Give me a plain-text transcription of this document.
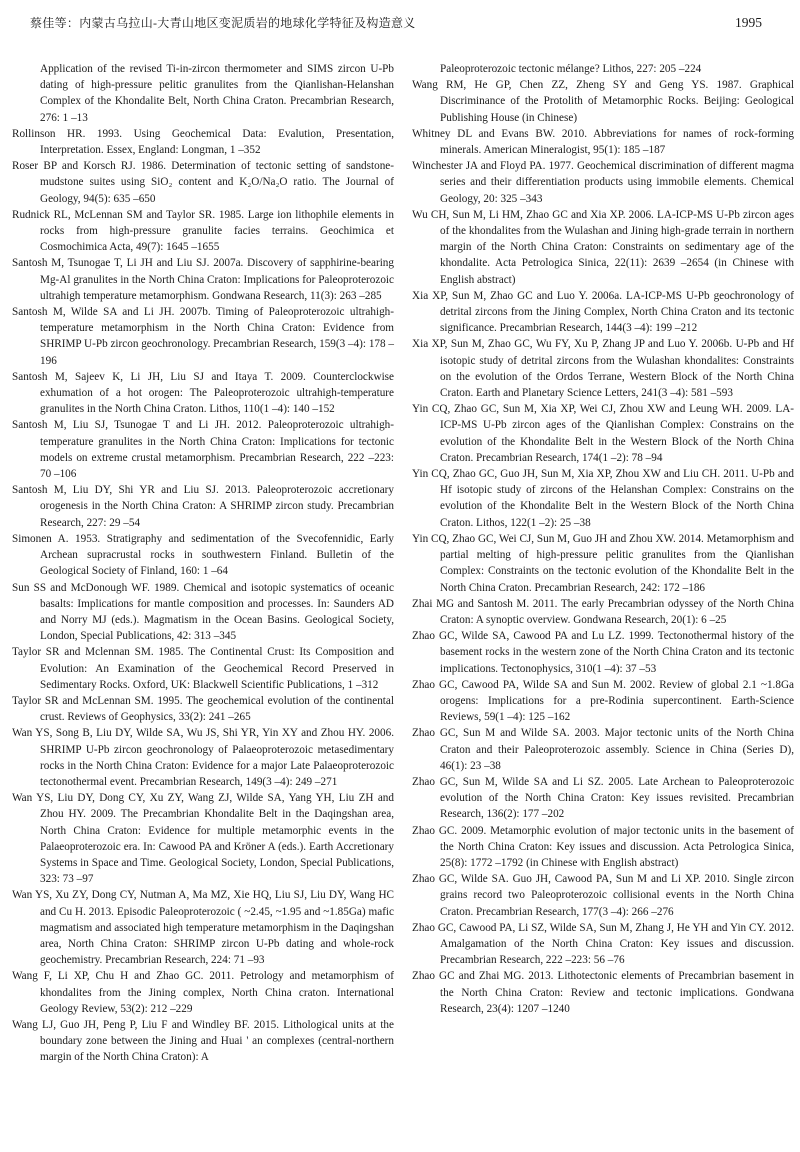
蔡佳等：内蒙古乌拉山-大青山地区变泥质岩的地球化学特征及构造意义	1995

Application of the revised Ti-in-zircon thermometer and SIMS zircon U-Pb dating of high-pressure pelitic granulites from the Qianlishan-Helanshan Complex of the Khondalite Belt, North China Craton. Precambrian Research, 276: 1 –13

Rollinson HR. 1993. Using Geochemical Data: Evalution, Presentation, Interpretation. Essex, England: Longman, 1 –352

Roser BP and Korsch RJ. 1986. Determination of tectonic setting of sandstone-mudstone suites using SiO₂ content and K₂O/Na₂O ratio. The Journal of Geology, 94(5): 635 –650

Rudnick RL, McLennan SM and Taylor SR. 1985. Large ion lithophile elements in rocks from high-pressure granulite facies terrains. Geochimica et Cosmochimica Acta, 49(7): 1645 –1655

Santosh M, Tsunogae T, Li JH and Liu SJ. 2007a. Discovery of sapphirine-bearing Mg-Al granulites in the North China Craton: Implications for Paleoproterozoic ultrahigh temperature metamorphism. Gondwana Research, 11(3): 263 –285

Santosh M, Wilde SA and Li JH. 2007b. Timing of Paleoproterozoic ultrahigh-temperature metamorphism in the North China Craton: Evidence from SHRIMP U-Pb zircon geochronology. Precambrian Research, 159(3 –4): 178 –196

Santosh M, Sajeev K, Li JH, Liu SJ and Itaya T. 2009. Counterclockwise exhumation of a hot orogen: The Paleoproterozoic ultrahigh-temperature granulites in the North China Craton. Lithos, 110(1 –4): 140 –152

Santosh M, Liu SJ, Tsunogae T and Li JH. 2012. Paleoproterozoic ultrahigh-temperature granulites in the North China Craton: Implications for tectonic models on extreme crustal metamorphism. Precambrian Research, 222 –223: 70 –106

Santosh M, Liu DY, Shi YR and Liu SJ. 2013. Paleoproterozoic accretionary orogenesis in the North China Craton: A SHRIMP zircon study. Precambrian Research, 227: 29 –54

Simonen A. 1953. Stratigraphy and sedimentation of the Svecofennidic, Early Archean supracrustal rocks in southwestern Finland. Bulletin of the Geological Society of Finland, 160: 1 –64

Sun SS and McDonough WF. 1989. Chemical and isotopic systematics of oceanic basalts: Implications for mantle composition and processes. In: Saunders AD and Norry MJ (eds.). Magmatism in the Ocean Basins. Geological Society, London, Special Publications, 42: 313 –345

Taylor SR and Mclennan SM. 1985. The Continental Crust: Its Composition and Evolution: An Examination of the Geochemical Record Preserved in Sedimentary Rocks. Oxford, UK: Blackwell Scientific Publications, 1 –312

Taylor SR and McLennan SM. 1995. The geochemical evolution of the continental crust. Reviews of Geophysics, 33(2): 241 –265

Wan YS, Song B, Liu DY, Wilde SA, Wu JS, Shi YR, Yin XY and Zhou HY. 2006. SHRIMP U-Pb zircon geochronology of Palaeoproterozoic metasedimentary rocks in the North China Craton: Evidence for a major Late Palaeoproterozoic tectonothermal event. Precambrian Research, 149(3 –4): 249 –271

Wan YS, Liu DY, Dong CY, Xu ZY, Wang ZJ, Wilde SA, Yang YH, Liu ZH and Zhou HY. 2009. The Precambrian Khondalite Belt in the Daqingshan area, North China Craton: Evidence for multiple metamorphic events in the Palaeoproterozoic era. In: Cawood PA and Kröner A (eds.). Earth Accretionary Systems in Space and Time. Geological Society, London, Special Publications, 323: 73 –97

Wan YS, Xu ZY, Dong CY, Nutman A, Ma MZ, Xie HQ, Liu SJ, Liu DY, Wang HC and Cu H. 2013. Episodic Paleoproterozoic ( ~2.45, ~1.95 and ~1.85Ga) mafic magmatism and associated high temperature metamorphism in the Daqingshan area, North China Craton: SHRIMP zircon U-Pb dating and whole-rock geochemistry. Precambrian Research, 224: 71 –93

Wang F, Li XP, Chu H and Zhao GC. 2011. Petrology and metamorphism of khondalites from the Jining complex, North China craton. International Geology Review, 53(2): 212 –229

Wang LJ, Guo JH, Peng P, Liu F and Windley BF. 2015. Lithological units at the boundary zone between the Jining and Huai ' an complexes (central-northern margin of the North China Craton): A

Paleoproterozoic tectonic mélange? Lithos, 227: 205 –224

Wang RM, He GP, Chen ZZ, Zheng SY and Geng YS. 1987. Graphical Discriminance of the Protolith of Metamorphic Rocks. Beijing: Geological Publishing House (in Chinese)

Whitney DL and Evans BW. 2010. Abbreviations for names of rock-forming minerals. American Mineralogist, 95(1): 185 –187

Winchester JA and Floyd PA. 1977. Geochemical discrimination of different magma series and their differentiation products using immobile elements. Chemical Geology, 20: 325 –343

Wu CH, Sun M, Li HM, Zhao GC and Xia XP. 2006. LA-ICP-MS U-Pb zircon ages of the khondalites from the Wulashan and Jining high-grade terrain in northern margin of the North China Craton: Constraints on sedimentary age of the khondalite. Acta Petrologica Sinica, 22(11): 2639 –2654 (in Chinese with English abstract)

Xia XP, Sun M, Zhao GC and Luo Y. 2006a. LA-ICP-MS U-Pb geochronology of detrital zircons from the Jining Complex, North China Craton and its tectonic significance. Precambrian Research, 144(3 –4): 199 –212

Xia XP, Sun M, Zhao GC, Wu FY, Xu P, Zhang JP and Luo Y. 2006b. U-Pb and Hf isotopic study of detrital zircons from the Wulashan khondalites: Constraints on the evolution of the Ordos Terrane, Western Block of the North China Craton. Earth and Planetary Science Letters, 241(3 –4): 581 –593

Yin CQ, Zhao GC, Sun M, Xia XP, Wei CJ, Zhou XW and Leung WH. 2009. LA-ICP-MS U-Pb zircon ages of the Qianlishan Complex: Constrains on the evolution of the Khondalite Belt in the Western Block of the North China Craton. Precambrian Research, 174(1 –2): 78 –94

Yin CQ, Zhao GC, Guo JH, Sun M, Xia XP, Zhou XW and Liu CH. 2011. U-Pb and Hf isotopic study of zircons of the Helanshan Complex: Constrains on the evolution of the Khondalite Belt in the Western Block of the North China Craton. Lithos, 122(1 –2): 25 –38

Yin CQ, Zhao GC, Wei CJ, Sun M, Guo JH and Zhou XW. 2014. Metamorphism and partial melting of high-pressure pelitic granulites from the Qianlishan Complex: Constraints on the tectonic evolution of the Khondalite Belt in the North China Craton. Precambrian Research, 242: 172 –186

Zhai MG and Santosh M. 2011. The early Precambrian odyssey of the North China Craton: A synoptic overview. Gondwana Research, 20(1): 6 –25

Zhao GC, Wilde SA, Cawood PA and Lu LZ. 1999. Tectonothermal history of the basement rocks in the western zone of the North China Craton and its tectonic implications. Tectonophysics, 310(1 –4): 37 –53

Zhao GC, Cawood PA, Wilde SA and Sun M. 2002. Review of global 2.1 ~1.8Ga orogens: Implications for a pre-Rodinia supercontinent. Earth-Science Reviews, 59(1 –4): 125 –162

Zhao GC, Sun M and Wilde SA. 2003. Major tectonic units of the North China Craton and their Paleoproterozoic assembly. Science in China (Series D), 46(1): 23 –38

Zhao GC, Sun M, Wilde SA and Li SZ. 2005. Late Archean to Paleoproterozoic evolution of the North China Craton: Key issues revisited. Precambrian Research, 136(2): 177 –202

Zhao GC. 2009. Metamorphic evolution of major tectonic units in the basement of the North China Craton: Key issues and discussion. Acta Petrologica Sinica, 25(8): 1772 –1792 (in Chinese with English abstract)

Zhao GC, Wilde SA. Guo JH, Cawood PA, Sun M and Li XP. 2010. Single zircon grains record two Paleoproterozoic collisional events in the North China Craton. Precambrian Research, 177(3 –4): 266 –276

Zhao GC, Cawood PA, Li SZ, Wilde SA, Sun M, Zhang J, He YH and Yin CY. 2012. Amalgamation of the North China Craton: Key issues and discussion. Precambrian Research, 222 –223: 56 –76

Zhao GC and Zhai MG. 2013. Lithotectonic elements of Precambrian basement in the North China Craton: Review and tectonic implications. Gondwana Research, 23(4): 1207 –1240
